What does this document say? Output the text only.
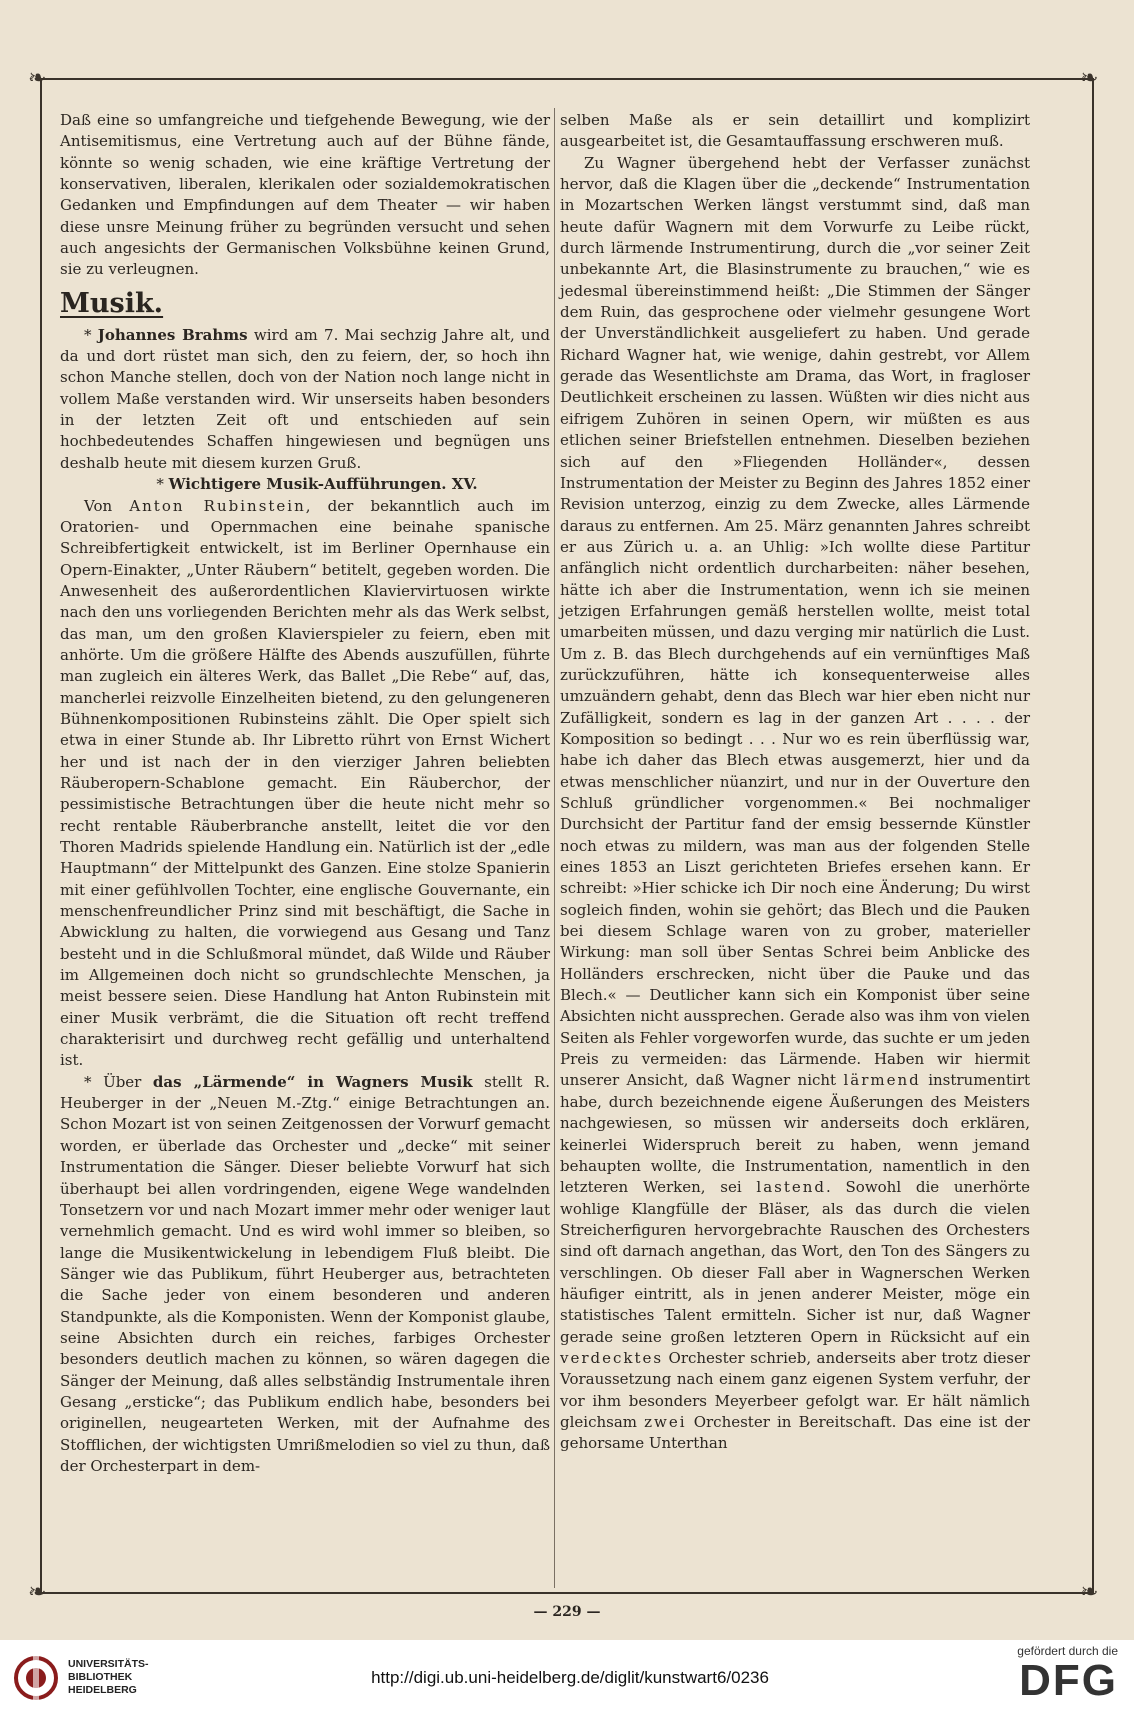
❧	❧
❧	❧

Daß eine so umfangreiche und tiefgehende Bewegung, wie der Antisemitismus, eine Vertretung auch auf der Bühne fände, könnte so wenig schaden, wie eine kräftige Vertretung der konservativen, liberalen, klerikalen oder sozialdemokratischen Gedanken und Empfindungen auf dem Theater — wir haben diese unsre Meinung früher zu begründen versucht und sehen auch angesichts der Germanischen Volksbühne keinen Grund, sie zu verleugnen.

Musik.

* Johannes Brahms wird am 7. Mai sechzig Jahre alt, und da und dort rüstet man sich, den zu feiern, der, so hoch ihn schon Manche stellen, doch von der Nation noch lange nicht in vollem Maße verstanden wird. Wir unserseits haben besonders in der letzten Zeit oft und entschieden auf sein hochbedeutendes Schaffen hingewiesen und begnügen uns deshalb heute mit diesem kurzen Gruß.

* Wichtigere Musik-Aufführungen. XV.

Von Anton Rubinstein, der bekanntlich auch im Oratorien- und Opernmachen eine beinahe spanische Schreibfertigkeit entwickelt, ist im Berliner Opernhause ein Opern-Einakter, „Unter Räubern“ betitelt, gegeben worden. Die Anwesenheit des außerordentlichen Klaviervirtuosen wirkte nach den uns vorliegenden Berichten mehr als das Werk selbst, das man, um den großen Klavierspieler zu feiern, eben mit anhörte. Um die größere Hälfte des Abends auszufüllen, führte man zugleich ein älteres Werk, das Ballet „Die Rebe“ auf, das, mancherlei reizvolle Einzelheiten bietend, zu den gelungeneren Bühnenkompositionen Rubinsteins zählt. Die Oper spielt sich etwa in einer Stunde ab. Ihr Libretto rührt von Ernst Wichert her und ist nach der in den vierziger Jahren beliebten Räuberopern-Schablone gemacht. Ein Räuberchor, der pessimistische Betrachtungen über die heute nicht mehr so recht rentable Räuberbranche anstellt, leitet die vor den Thoren Madrids spielende Handlung ein. Natürlich ist der „edle Hauptmann“ der Mittelpunkt des Ganzen. Eine stolze Spanierin mit einer gefühlvollen Tochter, eine englische Gouvernante, ein menschenfreundlicher Prinz sind mit beschäftigt, die Sache in Abwicklung zu halten, die vorwiegend aus Gesang und Tanz besteht und in die Schlußmoral mündet, daß Wilde und Räuber im Allgemeinen doch nicht so grundschlechte Menschen, ja meist bessere seien. Diese Handlung hat Anton Rubinstein mit einer Musik verbrämt, die die Situation oft recht treffend charakterisirt und durchweg recht gefällig und unterhaltend ist.

* Über das „Lärmende“ in Wagners Musik stellt R. Heuberger in der „Neuen M.-Ztg.“ einige Betrachtungen an. Schon Mozart ist von seinen Zeitgenossen der Vorwurf gemacht worden, er überlade das Orchester und „decke“ mit seiner Instrumentation die Sänger. Dieser beliebte Vorwurf hat sich überhaupt bei allen vordringenden, eigene Wege wandelnden Tonsetzern vor und nach Mozart immer mehr oder weniger laut vernehmlich gemacht. Und es wird wohl immer so bleiben, so lange die Musikentwickelung in lebendigem Fluß bleibt. Die Sänger wie das Publikum, führt Heuberger aus, betrachteten die Sache jeder von einem besonderen und anderen Standpunkte, als die Komponisten. Wenn der Komponist glaube, seine Absichten durch ein reiches, farbiges Orchester besonders deutlich machen zu können, so wären dagegen die Sänger der Meinung, daß alles selbständig Instrumentale ihren Gesang „ersticke“; das Publikum endlich habe, besonders bei originellen, neugearteten Werken, mit der Aufnahme des Stofflichen, der wichtigsten Umrißmelodien so viel zu thun, daß der Orchesterpart in dem-

selben Maße als er sein detaillirt und komplizirt ausgearbeitet ist, die Gesamtauffassung erschweren muß.

Zu Wagner übergehend hebt der Verfasser zunächst hervor, daß die Klagen über die „deckende“ Instrumentation in Mozartschen Werken längst verstummt sind, daß man heute dafür Wagnern mit dem Vorwurfe zu Leibe rückt, durch lärmende Instrumentirung, durch die „vor seiner Zeit unbekannte Art, die Blasinstrumente zu brauchen,“ wie es jedesmal übereinstimmend heißt: „Die Stimmen der Sänger dem Ruin, das gesprochene oder vielmehr gesungene Wort der Unverständlichkeit ausgeliefert zu haben. Und gerade Richard Wagner hat, wie wenige, dahin gestrebt, vor Allem gerade das Wesentlichste am Drama, das Wort, in fragloser Deutlichkeit erscheinen zu lassen. Wüßten wir dies nicht aus eifrigem Zuhören in seinen Opern, wir müßten es aus etlichen seiner Briefstellen entnehmen. Dieselben beziehen sich auf den »Fliegenden Holländer«, dessen Instrumentation der Meister zu Beginn des Jahres 1852 einer Revision unterzog, einzig zu dem Zwecke, alles Lärmende daraus zu entfernen. Am 25. März genannten Jahres schreibt er aus Zürich u. a. an Uhlig: »Ich wollte diese Partitur anfänglich nicht ordentlich durcharbeiten: näher besehen, hätte ich aber die Instrumentation, wenn ich sie meinen jetzigen Erfahrungen gemäß herstellen wollte, meist total umarbeiten müssen, und dazu verging mir natürlich die Lust. Um z. B. das Blech durchgehends auf ein vernünftiges Maß zurückzuführen, hätte ich konsequenterweise alles umzuändern gehabt, denn das Blech war hier eben nicht nur Zufälligkeit, sondern es lag in der ganzen Art . . . . der Komposition so bedingt . . . Nur wo es rein überflüssig war, habe ich daher das Blech etwas ausgemerzt, hier und da etwas menschlicher nüanzirt, und nur in der Ouverture den Schluß gründlicher vorgenommen.« Bei nochmaliger Durchsicht der Partitur fand der emsig bessernde Künstler noch etwas zu mildern, was man aus der folgenden Stelle eines 1853 an Liszt gerichteten Briefes ersehen kann. Er schreibt: »Hier schicke ich Dir noch eine Änderung; Du wirst sogleich finden, wohin sie gehört; das Blech und die Pauken bei diesem Schlage waren von zu grober, materieller Wirkung: man soll über Sentas Schrei beim Anblicke des Holländers erschrecken, nicht über die Pauke und das Blech.« — Deutlicher kann sich ein Komponist über seine Absichten nicht aussprechen. Gerade also was ihm von vielen Seiten als Fehler vorgeworfen wurde, das suchte er um jeden Preis zu vermeiden: das Lärmende. Haben wir hiermit unserer Ansicht, daß Wagner nicht lärmend instrumentirt habe, durch bezeichnende eigene Äußerungen des Meisters nachgewiesen, so müssen wir anderseits doch erklären, keinerlei Widerspruch bereit zu haben, wenn jemand behaupten wollte, die Instrumentation, namentlich in den letzteren Werken, sei lastend. Sowohl die unerhörte wohlige Klangfülle der Bläser, als das durch die vielen Streicherfiguren hervorgebrachte Rauschen des Orchesters sind oft darnach angethan, das Wort, den Ton des Sängers zu verschlingen. Ob dieser Fall aber in Wagnerschen Werken häufiger eintritt, als in jenen anderer Meister, möge ein statistisches Talent ermitteln. Sicher ist nur, daß Wagner gerade seine großen letzteren Opern in Rücksicht auf ein verdecktes Orchester schrieb, anderseits aber trotz dieser Voraussetzung nach einem ganz eigenen System verfuhr, der vor ihm besonders Meyerbeer gefolgt war. Er hält nämlich gleichsam zwei Orchester in Bereitschaft. Das eine ist der gehorsame Unterthan

— 229 —
UNIVERSITÄTS-
BIBLIOTHEK
HEIDELBERG
http://digi.ub.uni-heidelberg.de/diglit/kunstwart6/0236
gefördert durch die
DFG
